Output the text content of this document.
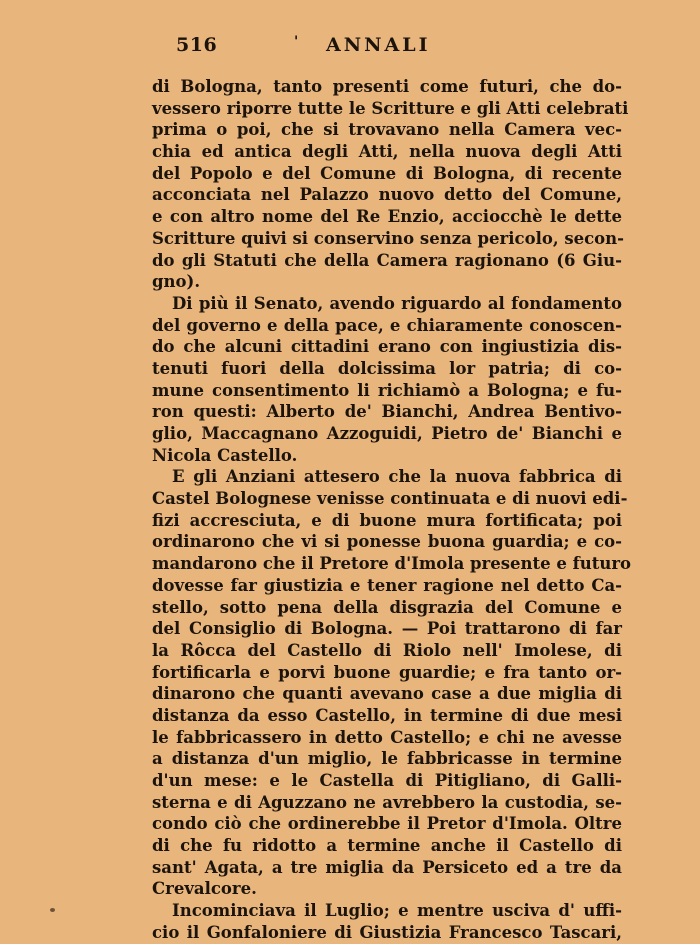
516	' ANNALI
di Bologna, tanto presenti come futuri, che do-
vessero riporre tutte le Scritture e gli Atti celebrati
prima o poi, che si trovavano nella Camera vec-
chia ed antica degli Atti, nella nuova degli Atti
del Popolo e del Comune di Bologna, di recente
acconciata nel Palazzo nuovo detto del Comune,
e con altro nome del Re Enzio, acciocchè le dette
Scritture quivi si conservino senza pericolo, secon-
do gli Statuti che della Camera ragionano (6 Giu-
gno).
Di più il Senato, avendo riguardo al fondamento
del governo e della pace, e chiaramente conoscen-
do che alcuni cittadini erano con ingiustizia dis-
tenuti fuori della dolcissima lor patria; di co-
mune consentimento li richiamò a Bologna; e fu-
ron questi: Alberto de' Bianchi, Andrea Bentivo-
glio, Maccagnano Azzoguidi, Pietro de' Bianchi e
Nicola Castello.
E gli Anziani attesero che la nuova fabbrica di
Castel Bolognese venisse continuata e di nuovi edi-
fizi accresciuta, e di buone mura fortificata; poi
ordinarono che vi si ponesse buona guardia; e co-
mandarono che il Pretore d'Imola presente e futuro
dovesse far giustizia e tener ragione nel detto Ca-
stello, sotto pena della disgrazia del Comune e
del Consiglio di Bologna. — Poi trattarono di far
la Rôcca del Castello di Riolo nell' Imolese, di
fortificarla e porvi buone guardie; e fra tanto or-
dinarono che quanti avevano case a due miglia di
distanza da esso Castello, in termine di due mesi
le fabbricassero in detto Castello; e chi ne avesse
a distanza d'un miglio, le fabbricasse in termine
d'un mese: e le Castella di Pitigliano, di Galli-
sterna e di Aguzzano ne avrebbero la custodia, se-
condo ciò che ordinerebbe il Pretor d'Imola. Oltre
di che fu ridotto a termine anche il Castello di
sant' Agata, a tre miglia da Persiceto ed a tre da
Crevalcore.
Incominciava il Luglio; e mentre usciva d' uffi-
cio il Gonfaloniere di Giustizia Francesco Tascari,
